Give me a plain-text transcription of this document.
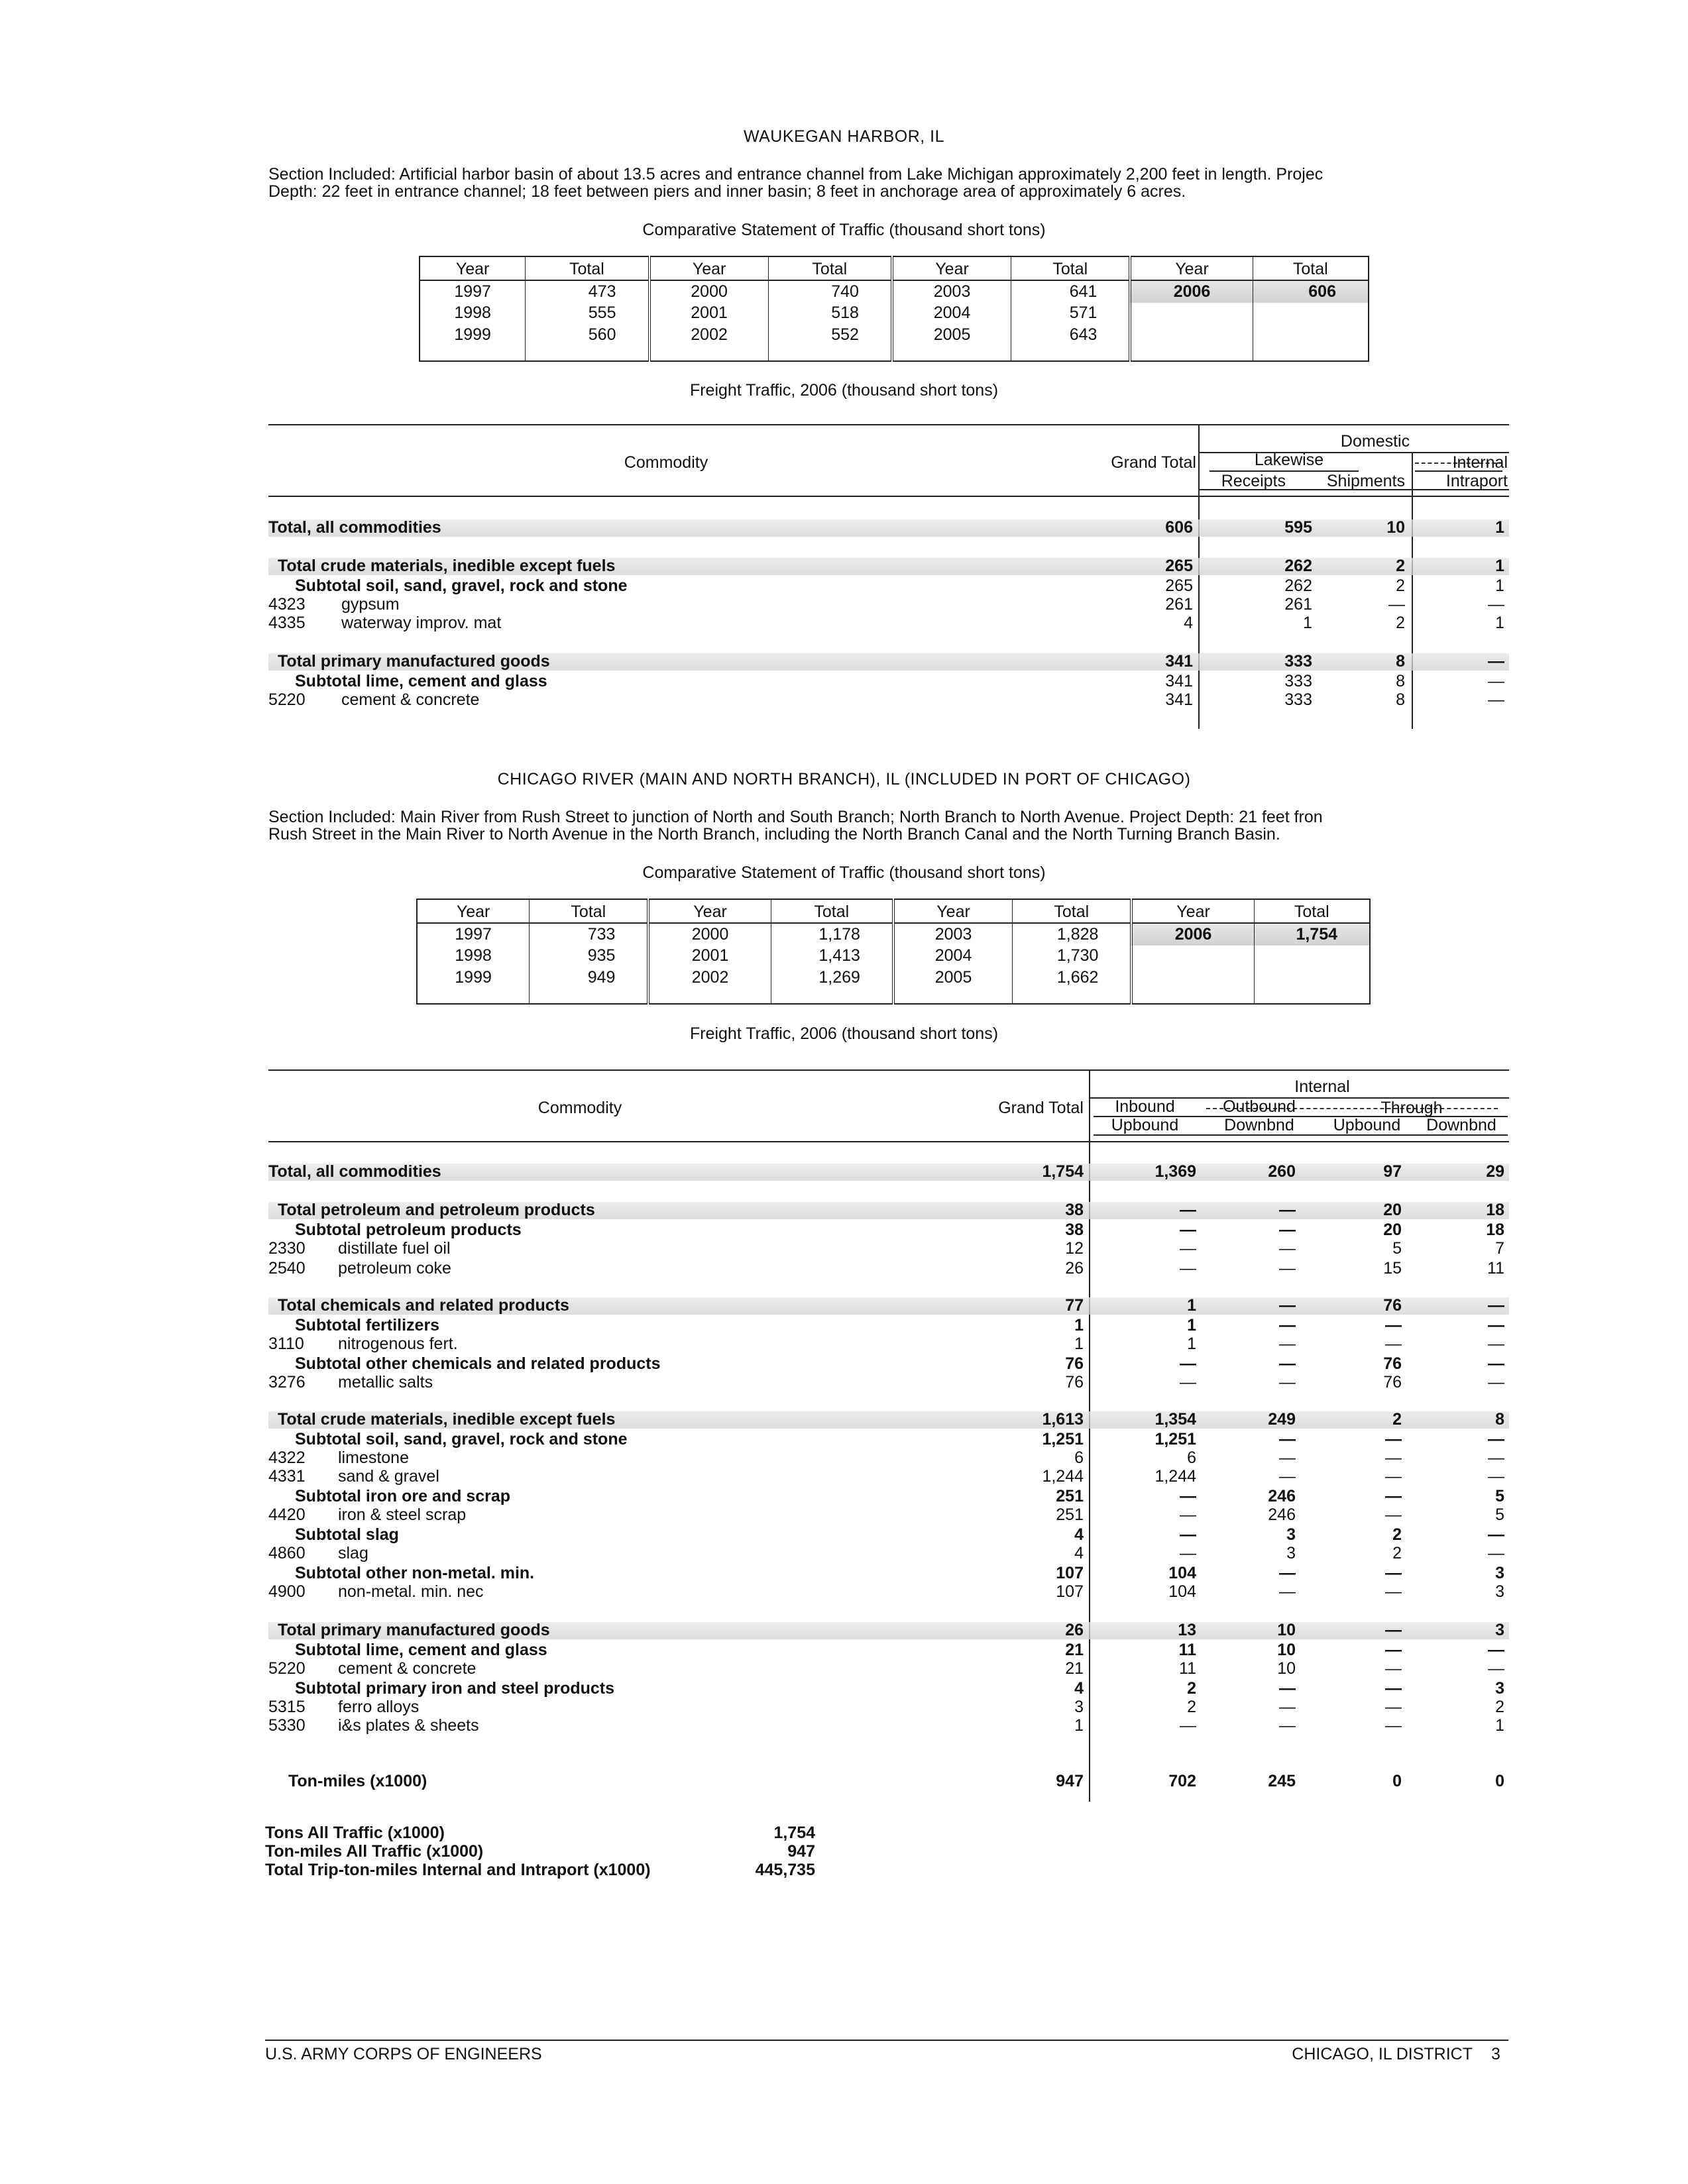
WAUKEGAN HARBOR, IL
Section Included: Artificial harbor basin of about 13.5 acres and entrance channel from Lake Michigan approximately 2,200 feet in length. Projec
Depth: 22 feet in entrance channel; 18 feet between piers and inner basin; 8 feet in anchorage area of approximately 6 acres.
Comparative Statement of Traffic (thousand short tons)
Year	Total	Year	Total	Year	Total	Year	Total
1997	473	2000	740	2003	641	2006	606
1998	555	2001	518	2004	571		
1999	560	2002	552	2005	643		

Freight Traffic, 2006 (thousand short tons)
Commodity	Grand Total
Domestic
Lakewise	Internal
Receipts	Shipments	Intraport
Total, all commodities	606	595	10	1
Total crude materials, inedible except fuels	265	262	2	1
Subtotal soil, sand, gravel, rock and stone	265	262	2	1
4323	gypsum	261	261	—	—
4335	waterway improv. mat	4	1	2	1
Total primary manufactured goods	341	333	8	—
Subtotal lime, cement and glass	341	333	8	—
5220	cement & concrete	341	333	8	—
CHICAGO RIVER (MAIN AND NORTH BRANCH), IL (INCLUDED IN PORT OF CHICAGO)
Section Included: Main River from Rush Street to junction of North and South Branch; North Branch to North Avenue. Project Depth: 21 feet fron
Rush Street in the Main River to North Avenue in the North Branch, including the North Branch Canal and the North Turning Branch Basin.
Comparative Statement of Traffic (thousand short tons)
Year	Total	Year	Total	Year	Total	Year	Total
1997	733	2000	1,178	2003	1,828	2006	1,754
1998	935	2001	1,413	2004	1,730		
1999	949	2002	1,269	2005	1,662		

Freight Traffic, 2006 (thousand short tons)
Commodity	Grand Total
Internal
Inbound	Outbound	Through
Upbound	Downbnd	Upbound	Downbnd
Total, all commodities	1,754	1,369	260	97	29
Total petroleum and petroleum products	38	—	—	20	18
Subtotal petroleum products	38	—	—	20	18
2330	distillate fuel oil	12	—	—	5	7
2540	petroleum coke	26	—	—	15	11
Total chemicals and related products	77	1	—	76	—
Subtotal fertilizers	1	1	—	—	—
3110	nitrogenous fert.	1	1	—	—	—
Subtotal other chemicals and related products	76	—	—	76	—
3276	metallic salts	76	—	—	76	—
Total crude materials, inedible except fuels	1,613	1,354	249	2	8
Subtotal soil, sand, gravel, rock and stone	1,251	1,251	—	—	—
4322	limestone	6	6	—	—	—
4331	sand & gravel	1,244	1,244	—	—	—
Subtotal iron ore and scrap	251	—	246	—	5
4420	iron & steel scrap	251	—	246	—	5
Subtotal slag	4	—	3	2	—
4860	slag	4	—	3	2	—
Subtotal other non-metal. min.	107	104	—	—	3
4900	non-metal. min. nec	107	104	—	—	3
Total primary manufactured goods	26	13	10	—	3
Subtotal lime, cement and glass	21	11	10	—	—
5220	cement & concrete	21	11	10	—	—
Subtotal primary iron and steel products	4	2	—	—	3
5315	ferro alloys	3	2	—	—	2
5330	i&s plates & sheets	1	—	—	—	1
Ton-miles (x1000)	947	702	245	0	0
Tons All Traffic (x1000)	1,754
Ton-miles All Traffic (x1000)	947
Total Trip-ton-miles Internal and Intraport (x1000)	445,735
U.S. ARMY CORPS OF ENGINEERS	CHICAGO, IL DISTRICT 3
